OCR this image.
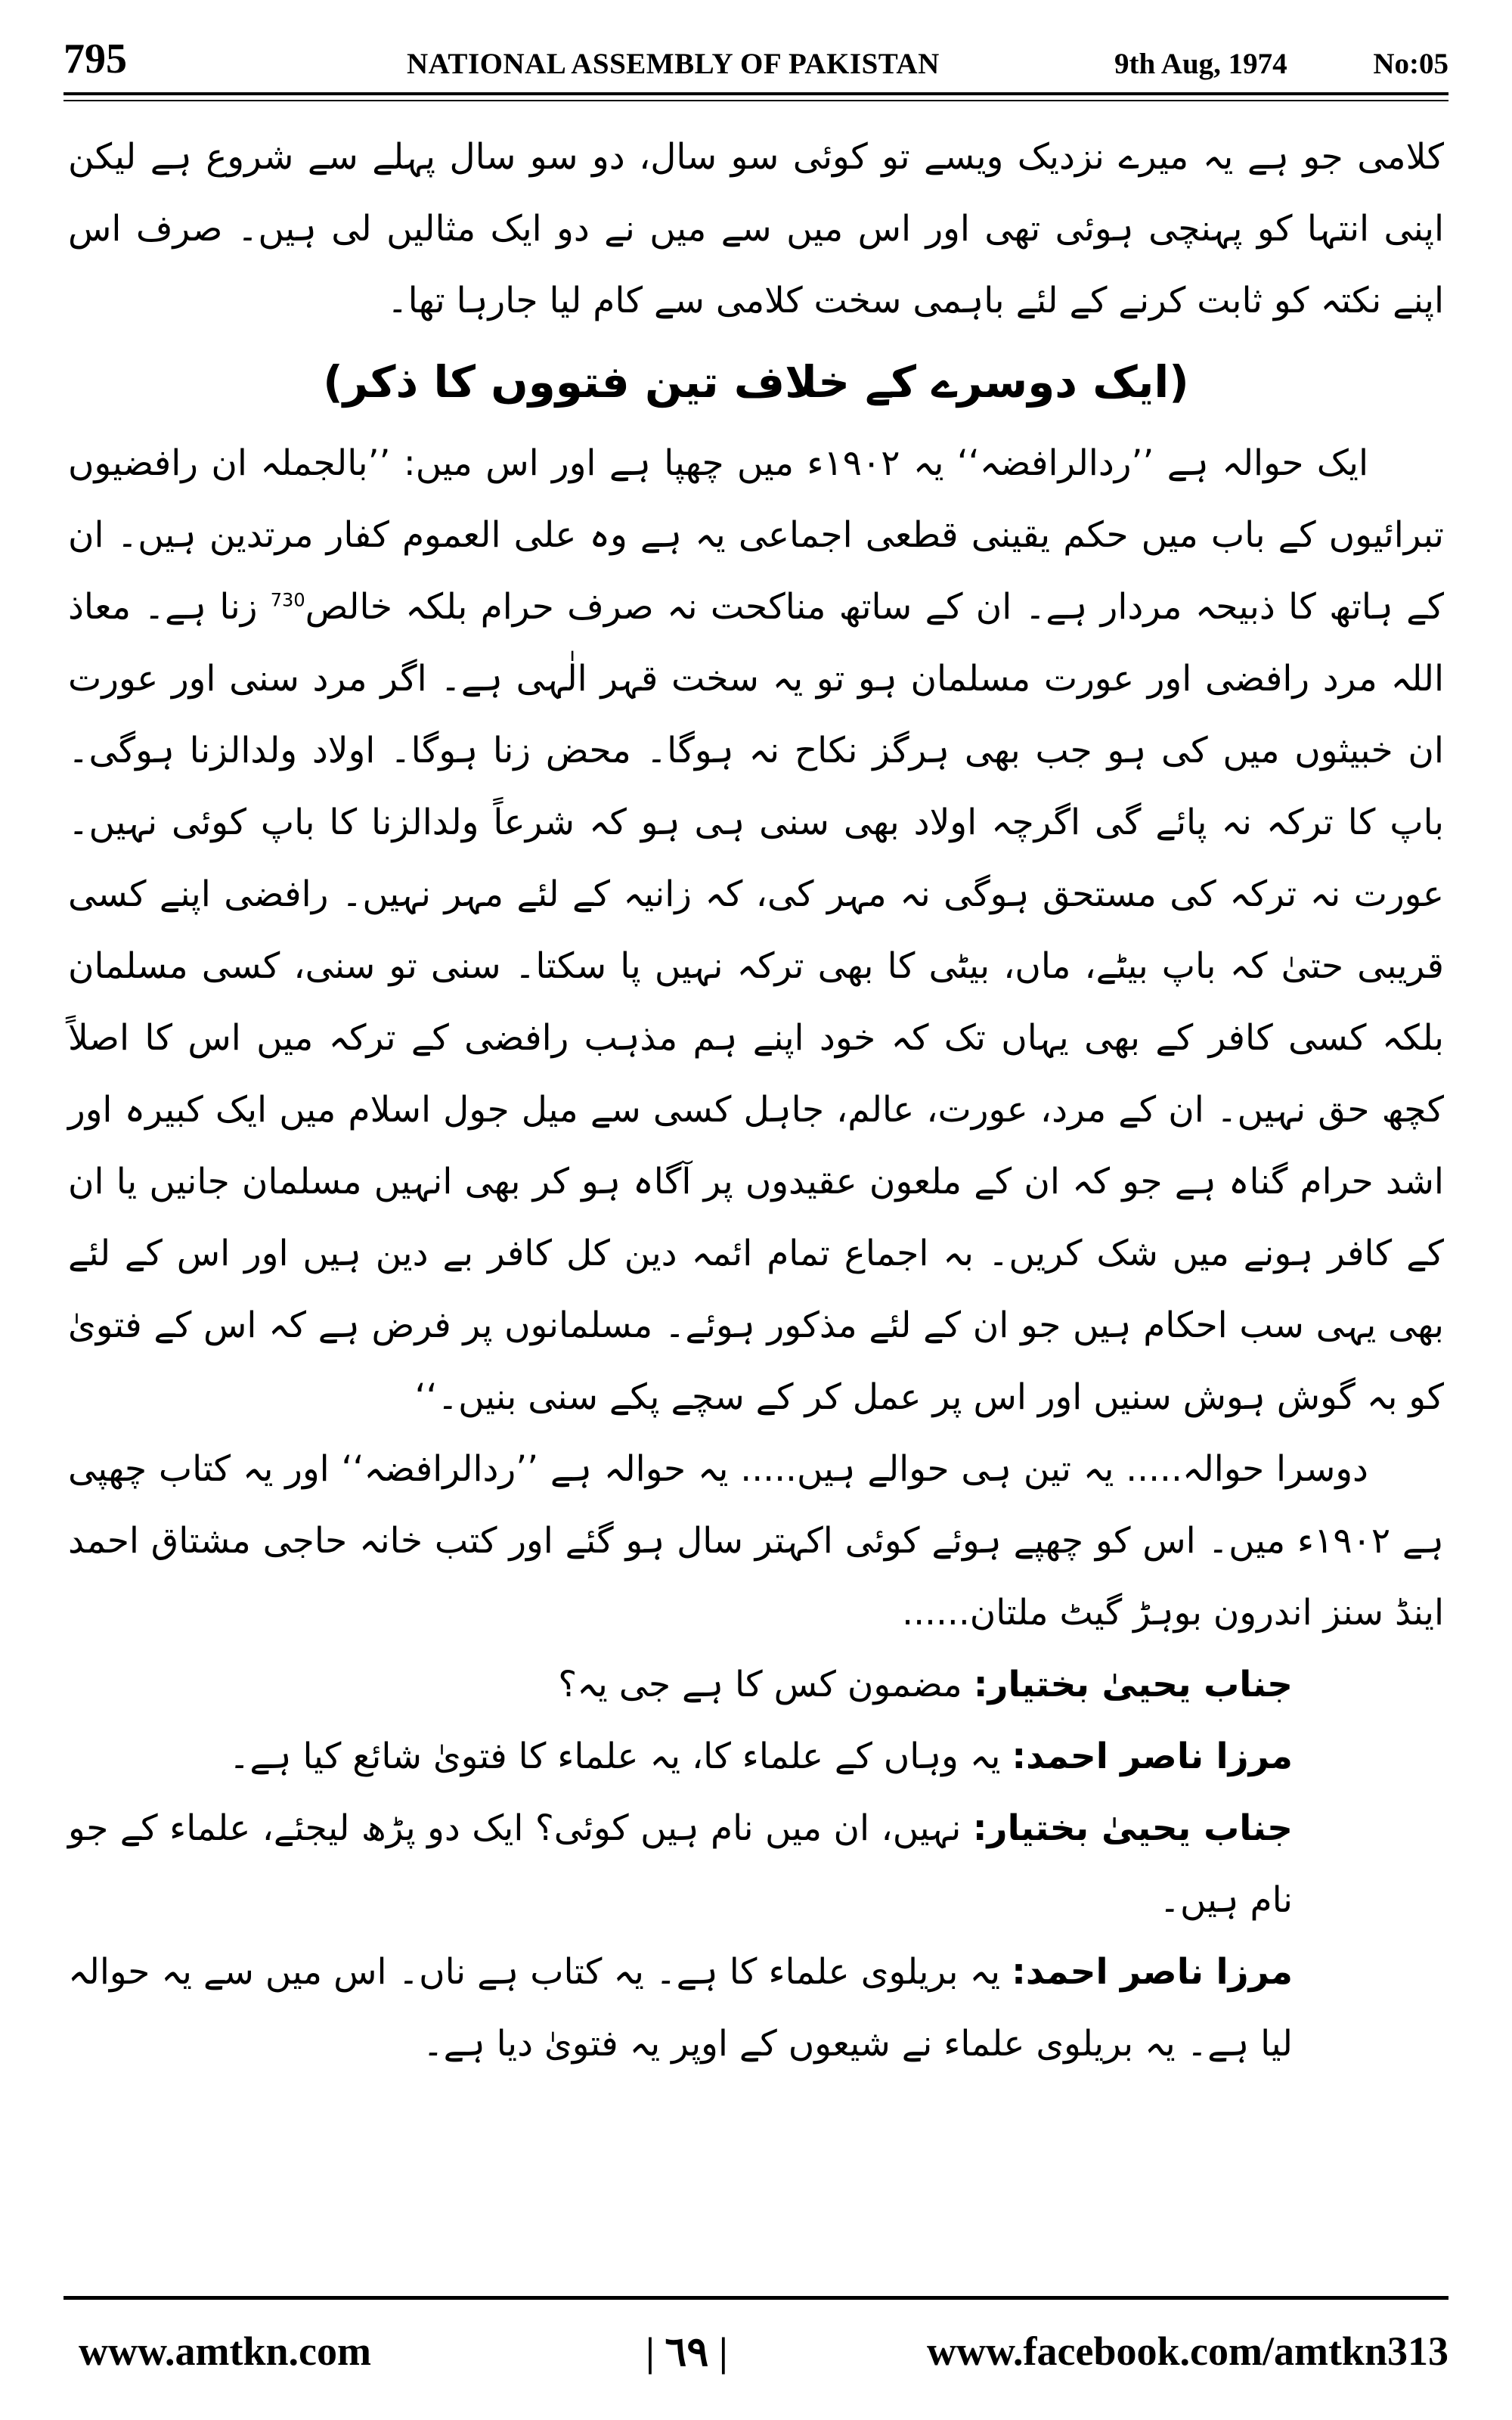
795	NATIONAL ASSEMBLY OF PAKISTAN	9th Aug, 1974	No:05

کلامی جو ہے یہ میرے نزدیک ویسے تو کوئی سو سال، دو سو سال پہلے سے شروع ہے لیکن اپنی انتہا کو پہنچی ہوئی تھی اور اس میں سے میں نے دو ایک مثالیں لی ہیں۔ صرف اس اپنے نکتہ کو ثابت کرنے کے لئے باہمی سخت کلامی سے کام لیا جارہا تھا۔

(ایک دوسرے کے خلاف تین فتووں کا ذکر)

ایک حوالہ ہے ’’ردالرافضہ‘‘ یہ ۱۹۰۲ء میں چھپا ہے اور اس میں: ’’بالجملہ ان رافضیوں تبرائیوں کے باب میں حکم یقینی قطعی اجماعی یہ ہے وہ علی العموم کفار مرتدین ہیں۔ ان کے ہاتھ کا ذبیحہ مردار ہے۔ ان کے ساتھ مناکحت نہ صرف حرام بلکہ خالص$^{730}$ زنا ہے۔ معاذ اللہ مرد رافضی اور عورت مسلمان ہو تو یہ سخت قہر الٰہی ہے۔ اگر مرد سنی اور عورت ان خبیثوں میں کی ہو جب بھی ہرگز نکاح نہ ہوگا۔ محض زنا ہوگا۔ اولاد ولدالزنا ہوگی۔ باپ کا ترکہ نہ پائے گی اگرچہ اولاد بھی سنی ہی ہو کہ شرعاً ولدالزنا کا باپ کوئی نہیں۔ عورت نہ ترکہ کی مستحق ہوگی نہ مہر کی، کہ زانیہ کے لئے مہر نہیں۔ رافضی اپنے کسی قریبی حتیٰ کہ باپ بیٹے، ماں، بیٹی کا بھی ترکہ نہیں پا سکتا۔ سنی تو سنی، کسی مسلمان بلکہ کسی کافر کے بھی یہاں تک کہ خود اپنے ہم مذہب رافضی کے ترکہ میں اس کا اصلاً کچھ حق نہیں۔ ان کے مرد، عورت، عالم، جاہل کسی سے میل جول اسلام میں ایک کبیرہ اور اشد حرام گناہ ہے جو کہ ان کے ملعون عقیدوں پر آگاہ ہو کر بھی انہیں مسلمان جانیں یا ان کے کافر ہونے میں شک کریں۔ بہ اجماع تمام ائمہ دین کل کافر بے دین ہیں اور اس کے لئے بھی یہی سب احکام ہیں جو ان کے لئے مذکور ہوئے۔ مسلمانوں پر فرض ہے کہ اس کے فتویٰ کو بہ گوش ہوش سنیں اور اس پر عمل کر کے سچے پکے سنی بنیں۔‘‘

دوسرا حوالہ..... یہ تین ہی حوالے ہیں..... یہ حوالہ ہے ’’ردالرافضہ‘‘ اور یہ کتاب چھپی ہے ۱۹۰۲ء میں۔ اس کو چھپے ہوئے کوئی اکہتر سال ہو گئے اور کتب خانہ حاجی مشتاق احمد اینڈ سنز اندرون بوہڑ گیٹ ملتان......

جناب یحییٰ بختیار: مضمون کس کا ہے جی یہ؟

مرزا ناصر احمد: یہ وہاں کے علماء کا، یہ علماء کا فتویٰ شائع کیا ہے۔

جناب یحییٰ بختیار: نہیں، ان میں نام ہیں کوئی؟ ایک دو پڑھ لیجئے، علماء کے جو نام ہیں۔

مرزا ناصر احمد: یہ بریلوی علماء کا ہے۔ یہ کتاب ہے ناں۔ اس میں سے یہ حوالہ لیا ہے۔ یہ بریلوی علماء نے شیعوں کے اوپر یہ فتویٰ دیا ہے۔

www.amtkn.com	| ٦٩ |	www.facebook.com/amtkn313
